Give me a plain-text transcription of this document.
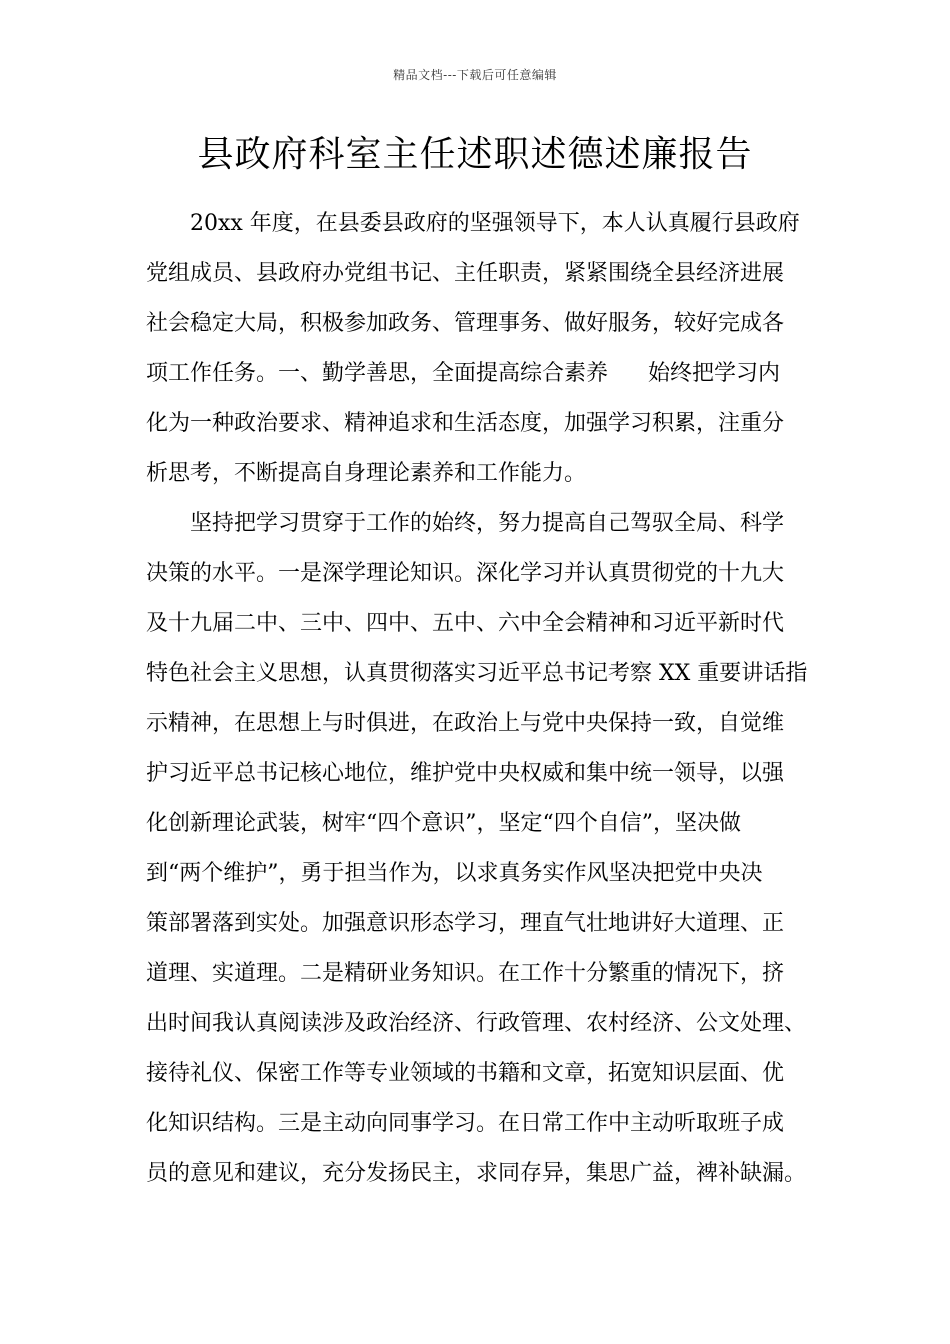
精品文档---下载后可任意编辑
县政府科室主任述职述德述廉报告
20xx 年度，在县委县政府的坚强领导下，本人认真履行县政府
党组成员、县政府办党组书记、主任职责，紧紧围绕全县经济进展
社会稳定大局，积极参加政务、管理事务、做好服务，较好完成各
项工作任务。一、勤学善思，全面提高综合素养 始终把学习内
化为一种政治要求、精神追求和生活态度，加强学习积累，注重分
析思考，不断提高自身理论素养和工作能力。
坚持把学习贯穿于工作的始终，努力提高自己驾驭全局、科学
决策的水平。一是深学理论知识。深化学习并认真贯彻党的十九大
及十九届二中、三中、四中、五中、六中全会精神和习近平新时代
特色社会主义思想，认真贯彻落实习近平总书记考察 XX 重要讲话指
示精神，在思想上与时俱进，在政治上与党中央保持一致，自觉维
护习近平总书记核心地位，维护党中央权威和集中统一领导，以强
化创新理论武装，树牢“四个意识”，坚定“四个自信”，坚决做
到“两个维护”，勇于担当作为，以求真务实作风坚决把党中央决
策部署落到实处。加强意识形态学习，理直气壮地讲好大道理、正
道理、实道理。二是精研业务知识。在工作十分繁重的情况下，挤
出时间我认真阅读涉及政治经济、行政管理、农村经济、公文处理、
接待礼仪、保密工作等专业领域的书籍和文章，拓宽知识层面、优
化知识结构。三是主动向同事学习。在日常工作中主动听取班子成
员的意见和建议，充分发扬民主，求同存异，集思广益，裨补缺漏。
